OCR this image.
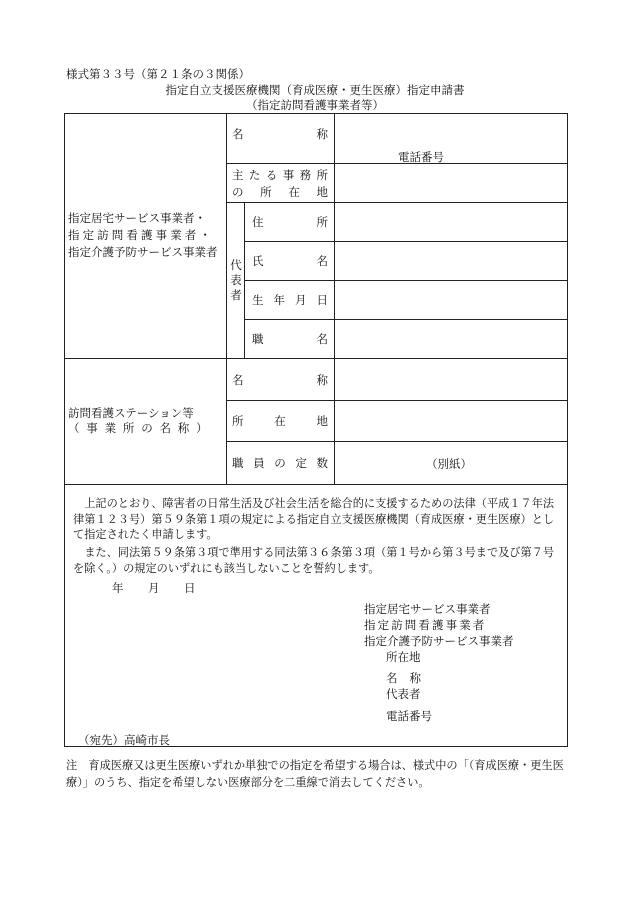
様式第３３号（第２１条の３関係）
指定自立支援医療機関（育成医療・更生医療）指定申請書
（指定訪問看護事業者等）
指定居宅サービス事業者・
指定訪問看護事業者・
指定介護予防サービス事業者
訪問看護ステーション等
（事業所の名称）
代表者
名称
主たる事務所
の所在地
住所
氏名
生年月日
職名
名称
所在地
職員の定数
電話番号
（別紙）
　上記のとおり、障害者の日常生活及び社会生活を総合的に支援するための法律（平成１７年法律第１２３号）第５９条第１項の規定による指定自立支援医療機関（育成医療・更生医療）として指定されたく申請します。
　また、同法第５９条第３項で準用する同法第３６条第３項（第１号から第３号まで及び第７号を除く。）の規定のいずれにも該当しないことを誓約します。
年 月 日
指定居宅サービス事業者
指定訪問看護事業者
指定介護予防サービス事業者
所在地
名称
代表者
電話番号
（宛先）高崎市長
注　育成医療又は更生医療いずれか単独での指定を希望する場合は、様式中の「（育成医療・更生医療）」のうち、指定を希望しない医療部分を二重線で消去してください。
